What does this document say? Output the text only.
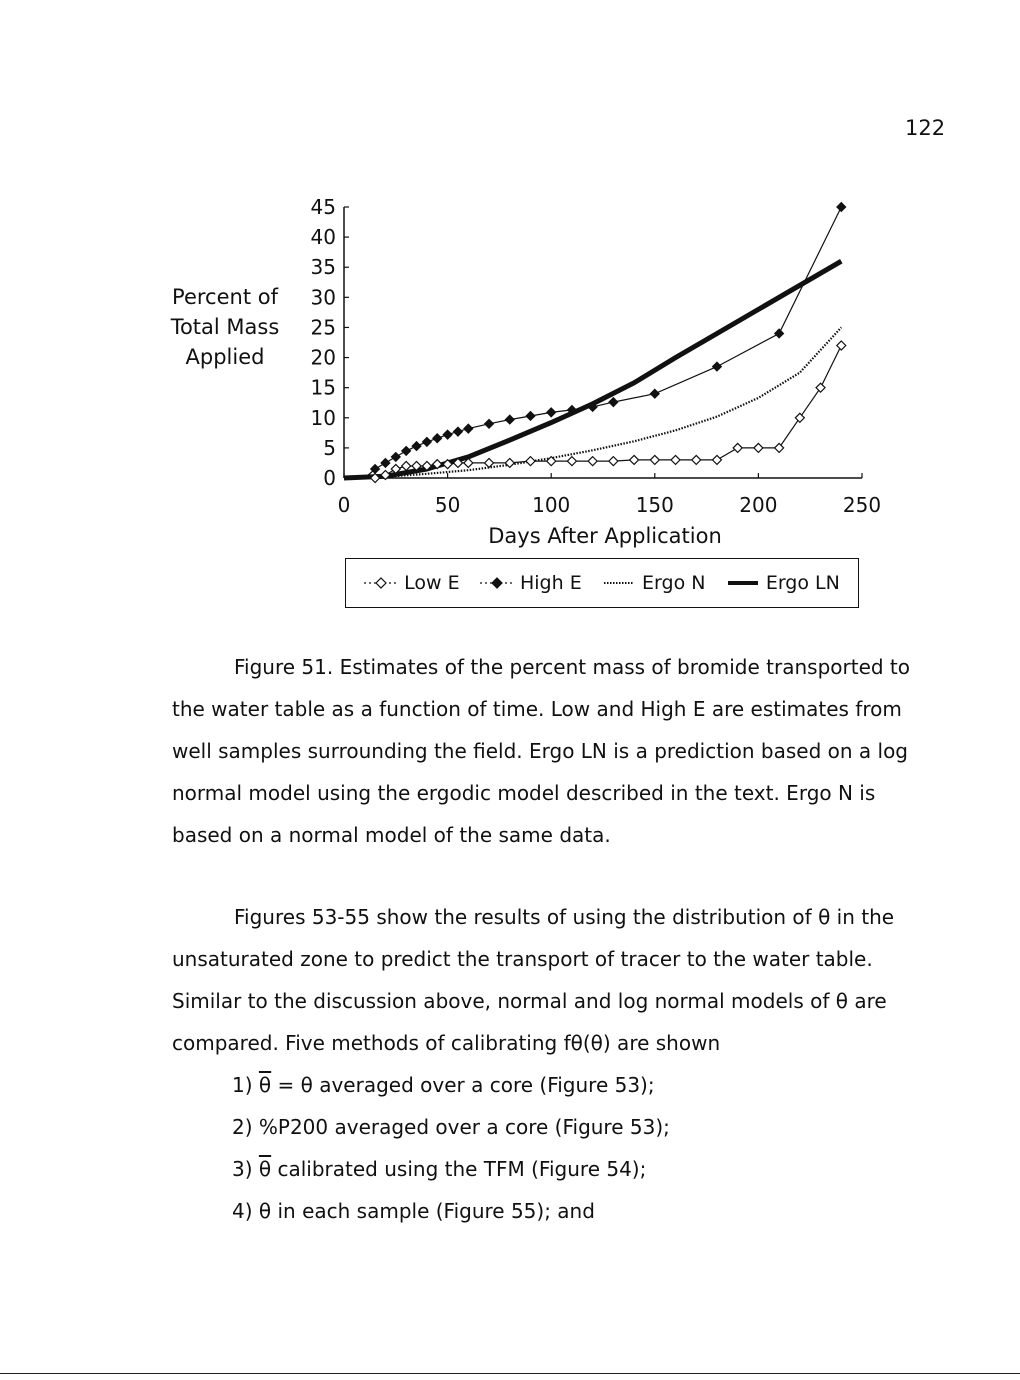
122
0
5
10
15
20
25
30
35
40
45
0	50	100	150	200	250
Percent of Total Mass Applied
Days After Application
Low E	High E	Ergo N	Ergo LN

Figure 51. Estimates of the percent mass of bromide transported to

the water table as a function of time. Low and High E are estimates from

well samples surrounding the field. Ergo LN is a prediction based on a log

normal model using the ergodic model described in the text. Ergo N is

based on a normal model of the same data.

Figures 53-55 show the results of using the distribution of θ in the

unsaturated zone to predict the transport of tracer to the water table.

Similar to the discussion above, normal and log normal models of θ are

compared. Five methods of calibrating fθ(θ) are shown

1) $\overline{\theta} = \theta$ averaged over a core (Figure 53);
2) %P200 averaged over a core (Figure 53);
3) $\overline{\theta}$ calibrated using the TFM (Figure 54);
4) θ in each sample (Figure 55); and
